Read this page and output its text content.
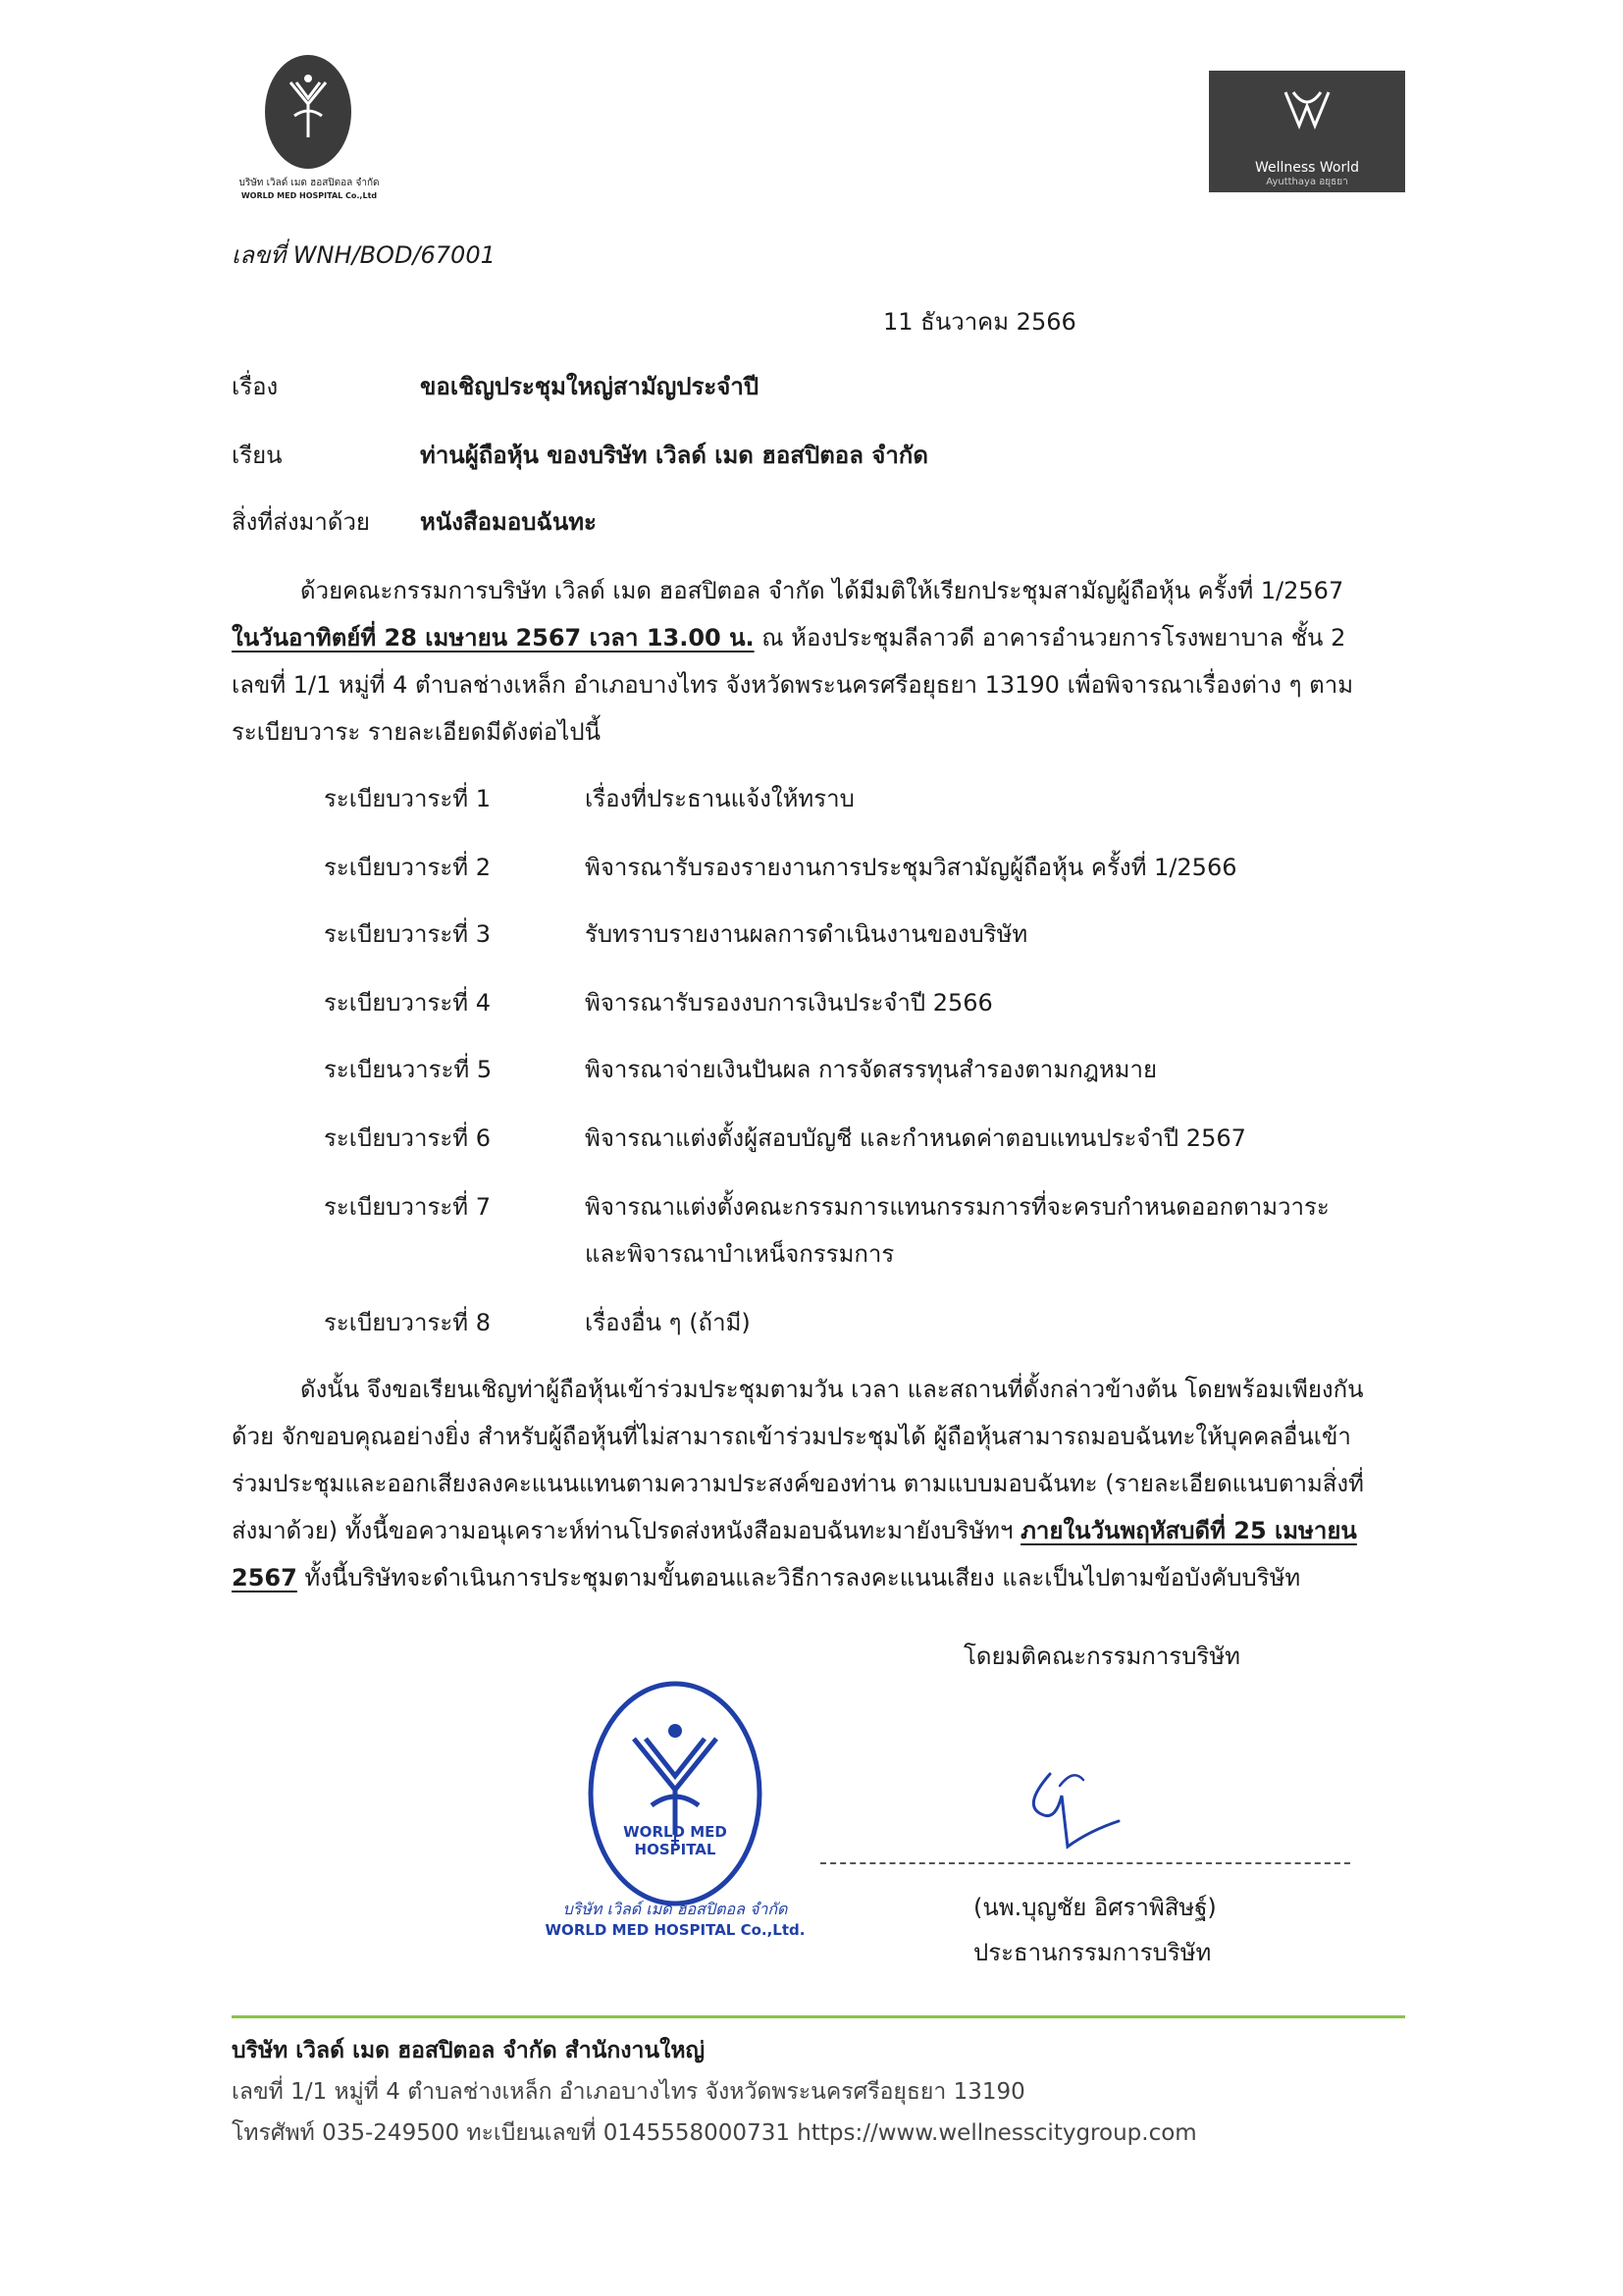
บริษัท เวิลด์ เมด ฮอสปิตอล จำกัด
WORLD MED HOSPITAL Co.,Ltd
Wellness World
Ayutthaya อยุธยา
เลขที่ WNH/BOD/67001
11 ธันวาคม 2566
เรื่อง	ขอเชิญประชุมใหญ่สามัญประจำปี
เรียน	ท่านผู้ถือหุ้น ของบริษัท เวิลด์ เมด ฮอสปิตอล จำกัด
สิ่งที่ส่งมาด้วย หนังสือมอบฉันทะ
ด้วยคณะกรรมการบริษัท เวิลด์ เมด ฮอสปิตอล จำกัด ได้มีมติให้เรียกประชุมสามัญผู้ถือหุ้น ครั้งที่ 1/2567
ในวันอาทิตย์ที่ 28 เมษายน 2567 เวลา 13.00 น. ณ ห้องประชุมลีลาวดี อาคารอำนวยการโรงพยาบาล ชั้น 2
เลขที่ 1/1 หมู่ที่ 4 ตำบลช่างเหล็ก อำเภอบางไทร จังหวัดพระนครศรีอยุธยา 13190 เพื่อพิจารณาเรื่องต่าง ๆ ตาม
ระเบียบวาระ รายละเอียดมีดังต่อไปนี้
ระเบียบวาระที่ 1	เรื่องที่ประธานแจ้งให้ทราบ
ระเบียบวาระที่ 2	พิจารณารับรองรายงานการประชุมวิสามัญผู้ถือหุ้น ครั้งที่ 1/2566
ระเบียบวาระที่ 3	รับทราบรายงานผลการดำเนินงานของบริษัท
ระเบียบวาระที่ 4	พิจารณารับรองงบการเงินประจำปี 2566
ระเบียนวาระที่ 5	พิจารณาจ่ายเงินปันผล การจัดสรรทุนสำรองตามกฎหมาย
ระเบียบวาระที่ 6	พิจารณาแต่งตั้งผู้สอบบัญชี และกำหนดค่าตอบแทนประจำปี 2567
ระเบียบวาระที่ 7	พิจารณาแต่งตั้งคณะกรรมการแทนกรรมการที่จะครบกำหนดออกตามวาระ
และพิจารณาบำเหน็จกรรมการ
ระเบียบวาระที่ 8	เรื่องอื่น ๆ (ถ้ามี)
ดังนั้น จึงขอเรียนเชิญท่าผู้ถือหุ้นเข้าร่วมประชุมตามวัน เวลา และสถานที่ดั้งกล่าวข้างต้น โดยพร้อมเพียงกัน
ด้วย จักขอบคุณอย่างยิ่ง สำหรับผู้ถือหุ้นที่ไม่สามารถเข้าร่วมประชุมได้ ผู้ถือหุ้นสามารถมอบฉันทะให้บุคคลอื่นเข้า
ร่วมประชุมและออกเสียงลงคะแนนแทนตามความประสงค์ของท่าน ตามแบบมอบฉันทะ (รายละเอียดแนบตามสิ่งที่
ส่งมาด้วย) ทั้งนี้ขอความอนุเคราะห์ท่านโปรดส่งหนังสือมอบฉันทะมายังบริษัทฯ ภายในวันพฤหัสบดีที่ 25 เมษายน
2567 ทั้งนี้บริษัทจะดำเนินการประชุมตามขั้นตอนและวิธีการลงคะแนนเสียง และเป็นไปตามข้อบังคับบริษัท
โดยมติคณะกรรมการบริษัท
(นพ.บุญชัย อิศราพิสิษฐ์)
ประธานกรรมการบริษัท
WORLD MED HOSPITAL
บริษัท เวิลด์ เมด ฮอสปิตอล จำกัด
WORLD MED HOSPITAL Co.,Ltd.
บริษัท เวิลด์ เมด ฮอสปิตอล จำกัด สำนักงานใหญ่
เลขที่ 1/1 หมู่ที่ 4 ตำบลช่างเหล็ก อำเภอบางไทร จังหวัดพระนครศรีอยุธยา 13190
โทรศัพท์ 035-249500 ทะเบียนเลขที่ 0145558000731 https://www.wellnesscitygroup.com
